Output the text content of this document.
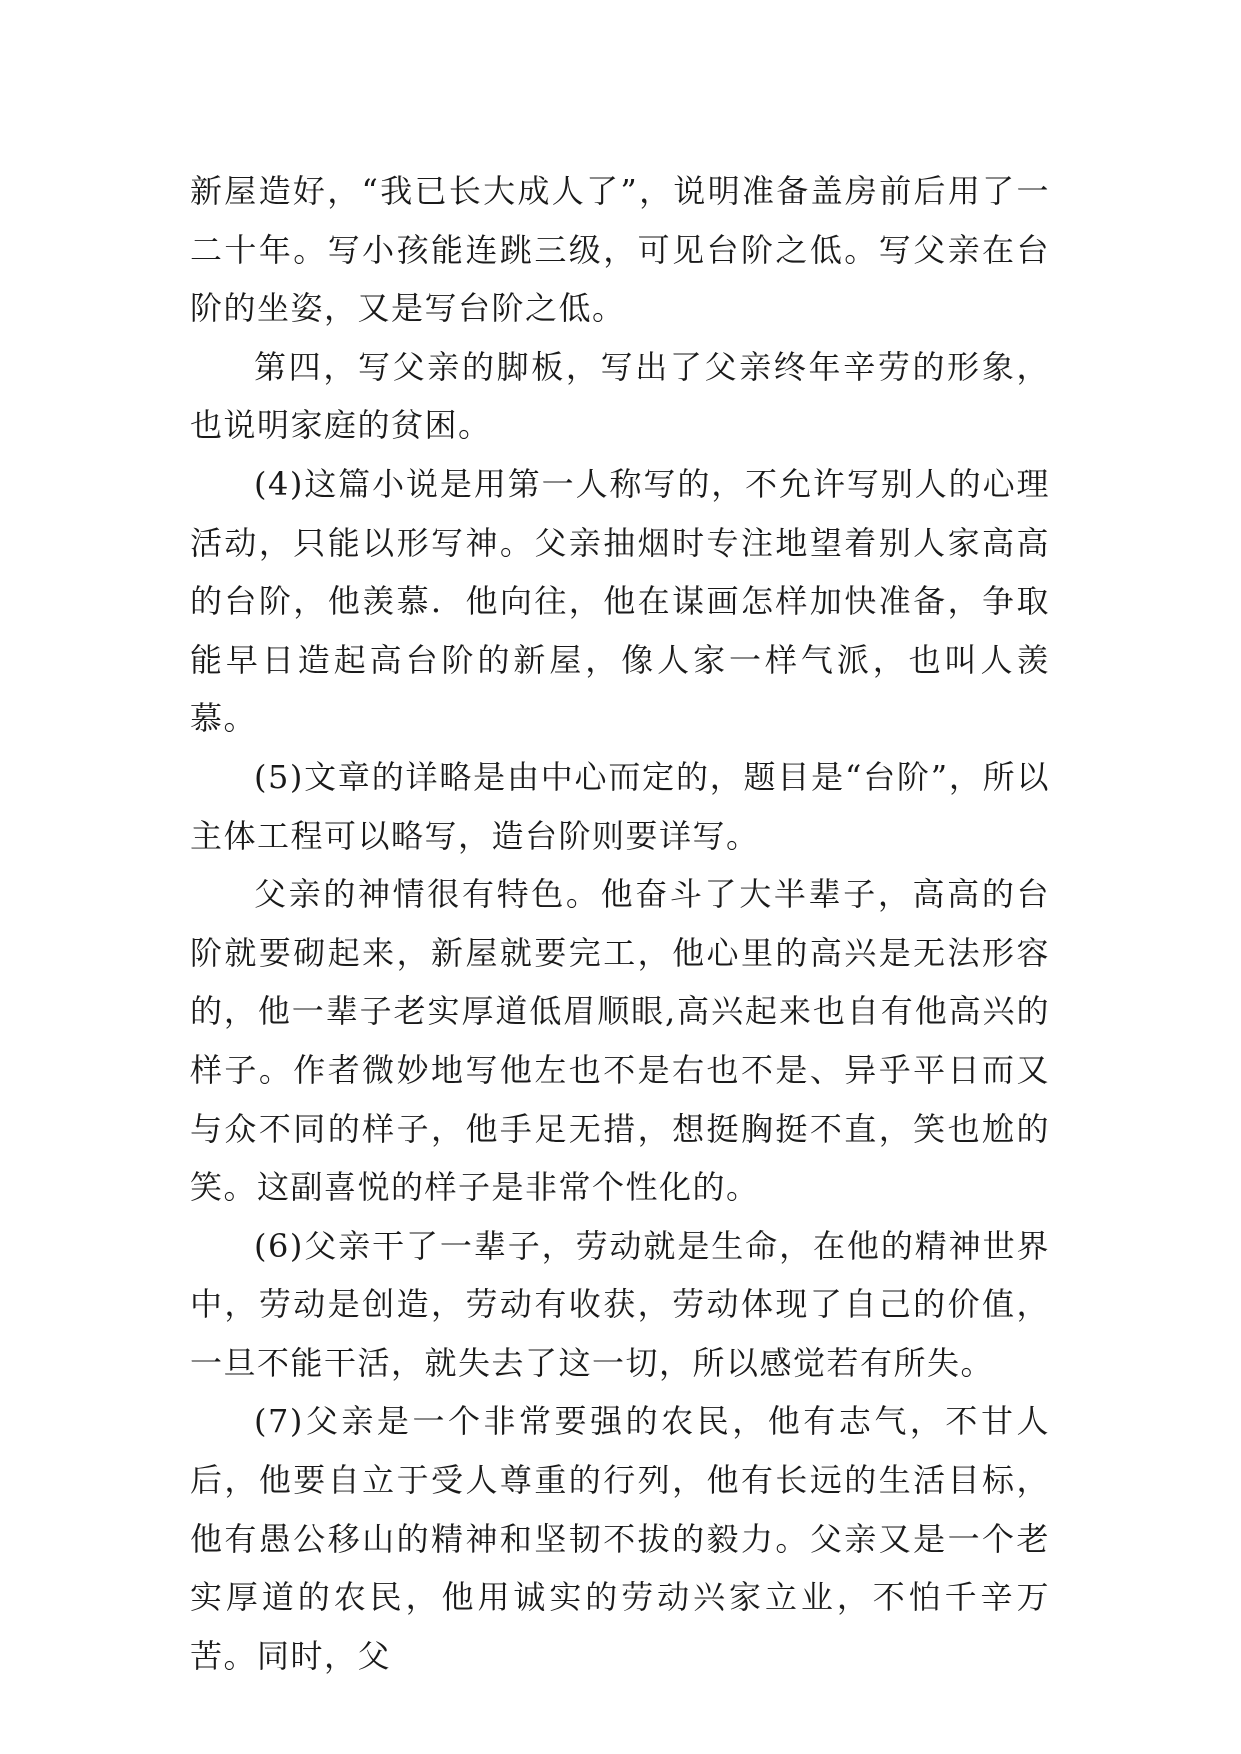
新屋造好，“我已长大成人了”，说明准备盖房前后用了一二十年。写小孩能连跳三级，可见台阶之低。写父亲在台阶的坐姿，又是写台阶之低。

第四，写父亲的脚板，写出了父亲终年辛劳的形象，也说明家庭的贫困。

(4)这篇小说是用第一人称写的，不允许写别人的心理活动，只能以形写神。父亲抽烟时专注地望着别人家高高的台阶，他羡慕．他向往，他在谋画怎样加快准备，争取能早日造起高台阶的新屋，像人家一样气派，也叫人羡慕。

(5)文章的详略是由中心而定的，题目是“台阶”，所以主体工程可以略写，造台阶则要详写。

父亲的神情很有特色。他奋斗了大半辈子，高高的台阶就要砌起来，新屋就要完工，他心里的高兴是无法形容的，他一辈子老实厚道低眉顺眼,高兴起来也自有他高兴的样子。作者微妙地写他左也不是右也不是、异乎平日而又与众不同的样子，他手足无措，想挺胸挺不直，笑也尬的笑。这副喜悦的样子是非常个性化的。

(6)父亲干了一辈子，劳动就是生命，在他的精神世界中，劳动是创造，劳动有收获，劳动体现了自己的价值，一旦不能干活，就失去了这一切，所以感觉若有所失。

(7)父亲是一个非常要强的农民，他有志气，不甘人后，他要自立于受人尊重的行列，他有长远的生活目标，他有愚公移山的精神和坚韧不拔的毅力。父亲又是一个老实厚道的农民，他用诚实的劳动兴家立业，不怕千辛万苦。同时，父
